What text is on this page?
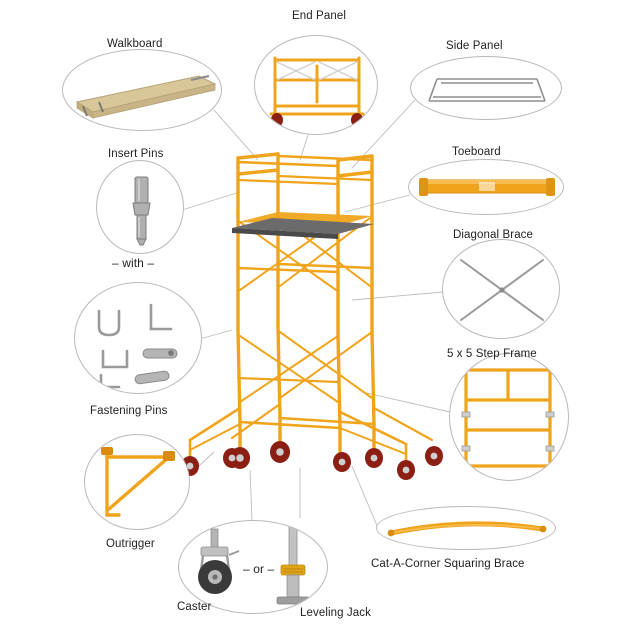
Walkboard
End Panel
Side Panel
Insert Pins
– with –
Fastening Pins
Toeboard
Diagonal Brace
5 x 5 Step Frame
Outrigger
– or –
Caster	Leveling Jack
Cat-A-Corner Squaring Brace
